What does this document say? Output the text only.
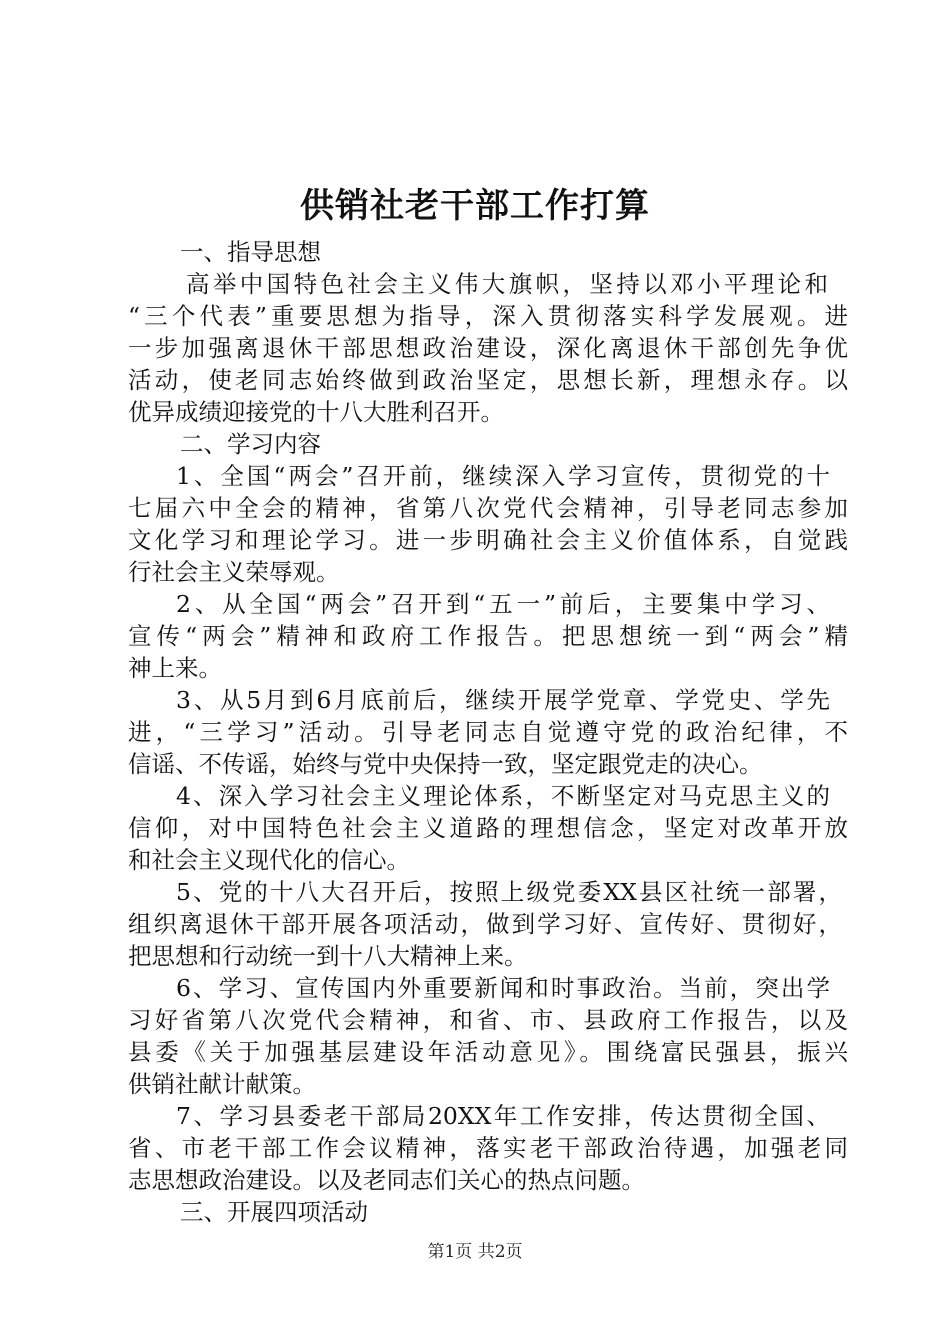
供销社老干部工作打算

一、指导思想

高举中国特色社会主义伟大旗帜，坚持以邓小平理论和

“三个代表”重要思想为指导，深入贯彻落实科学发展观。进

一步加强离退休干部思想政治建设，深化离退休干部创先争优

活动，使老同志始终做到政治坚定，思想长新，理想永存。以

优异成绩迎接党的十八大胜利召开。

二、学习内容

1、全国“两会”召开前，继续深入学习宣传，贯彻党的十

七届六中全会的精神，省第八次党代会精神，引导老同志参加

文化学习和理论学习。进一步明确社会主义价值体系，自觉践

行社会主义荣辱观。

2、从全国“两会”召开到“五一”前后，主要集中学习、

宣传“两会”精神和政府工作报告。把思想统一到“两会”精

神上来。

3、从5月到6月底前后，继续开展学党章、学党史、学先

进，“三学习”活动。引导老同志自觉遵守党的政治纪律，不

信谣、不传谣，始终与党中央保持一致，坚定跟党走的决心。

4、深入学习社会主义理论体系，不断坚定对马克思主义的

信仰，对中国特色社会主义道路的理想信念，坚定对改革开放

和社会主义现代化的信心。

5、党的十八大召开后，按照上级党委XX县区社统一部署，

组织离退休干部开展各项活动，做到学习好、宣传好、贯彻好，

把思想和行动统一到十八大精神上来。

6、学习、宣传国内外重要新闻和时事政治。当前，突出学

习好省第八次党代会精神，和省、市、县政府工作报告，以及

县委《关于加强基层建设年活动意见》。围绕富民强县，振兴

供销社献计献策。

7、学习县委老干部局20XX年工作安排，传达贯彻全国、

省、市老干部工作会议精神，落实老干部政治待遇，加强老同

志思想政治建设。以及老同志们关心的热点问题。

三、开展四项活动

第1页 共2页
